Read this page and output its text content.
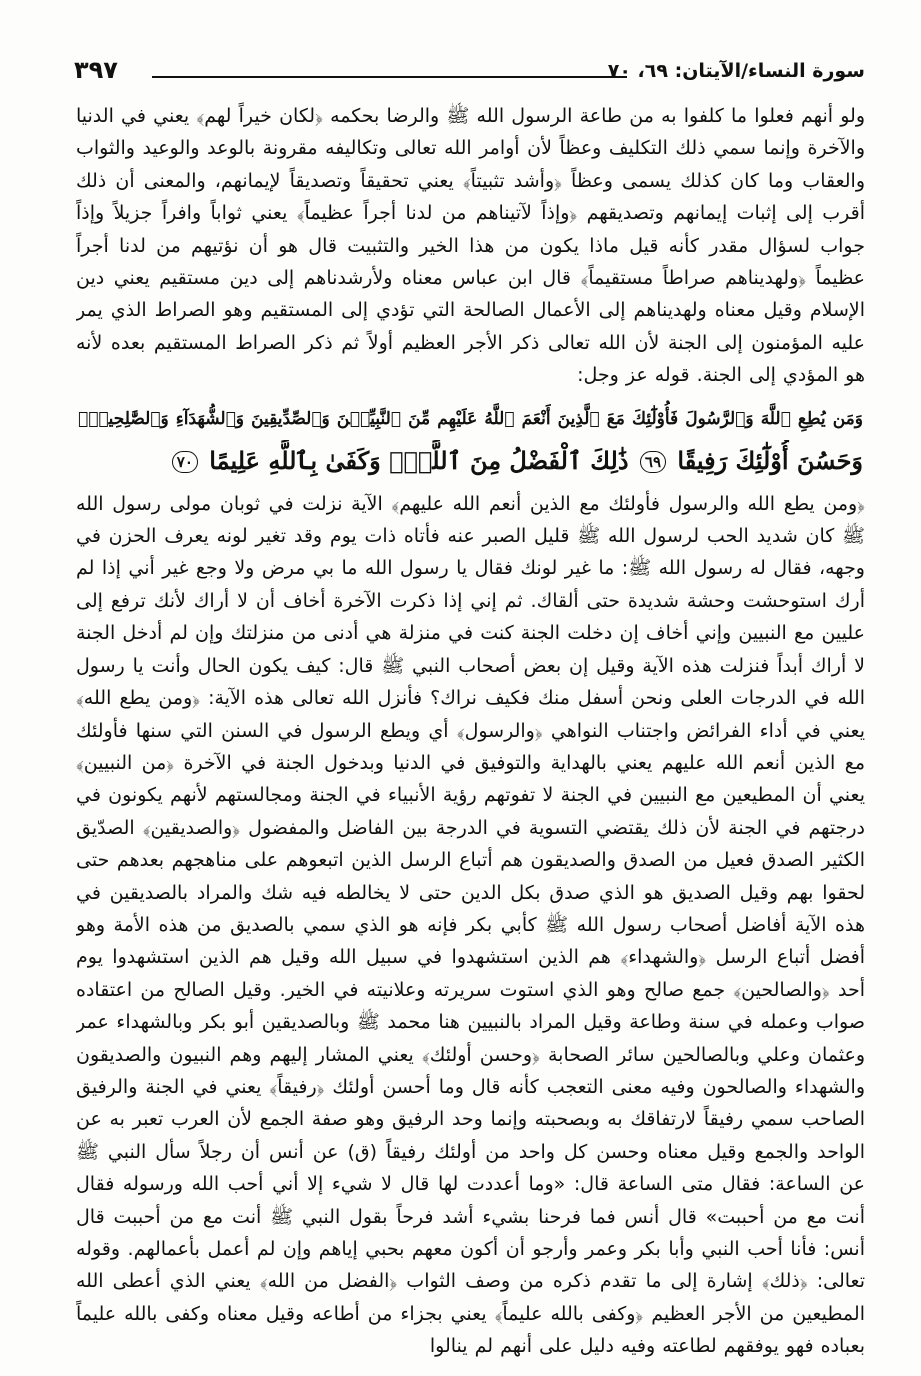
سورة النساء/الآيتان: ٦٩، ٧٠
٣٩٧

ولو أنهم فعلوا ما كلفوا به من طاعة الرسول الله ﷺ والرضا بحكمه ﴿لكان خيراً لهم﴾ يعني في الدنيا والآخرة وإنما سمي ذلك التكليف وعظاً لأن أوامر الله تعالى وتكاليفه مقرونة بالوعد والوعيد والثواب والعقاب وما كان كذلك يسمى وعظاً ﴿وأشد تثبيتاً﴾ يعني تحقيقاً وتصديقاً لإيمانهم، والمعنى أن ذلك أقرب إلى إثبات إيمانهم وتصديقهم ﴿وإذاً لآتيناهم من لدنا أجراً عظيماً﴾ يعني ثواباً وافراً جزيلاً وإذاً جواب لسؤال مقدر كأنه قيل ماذا يكون من هذا الخير والتثبيت قال هو أن نؤتيهم من لدنا أجراً عظيماً ﴿ولهديناهم صراطاً مستقيماً﴾ قال ابن عباس معناه ولأرشدناهم إلى دين مستقيم يعني دين الإسلام وقيل معناه ولهديناهم إلى الأعمال الصالحة التي تؤدي إلى المستقيم وهو الصراط الذي يمر عليه المؤمنون إلى الجنة لأن الله تعالى ذكر الأجر العظيم أولاً ثم ذكر الصراط المستقيم بعده لأنه هو المؤدي إلى الجنة. قوله عز وجل:

وَمَن يُطِعِ ٱللَّهَ وَٱلرَّسُولَ فَأُوْلَٰٓئِكَ مَعَ ٱلَّذِينَ أَنْعَمَ ٱللَّهُ عَلَيْهِم مِّنَ ٱلنَّبِيِّـۧنَ وَٱلصِّدِّيقِينَ وَٱلشُّهَدَآءِ وَٱلصَّٰلِحِينَۚ
وَحَسُنَ أُوْلَٰٓئِكَ رَفِيقًا ٦٩ ذَٰلِكَ ٱلْفَضْلُ مِنَ ٱللَّهِۚ وَكَفَىٰ بِٱللَّهِ عَلِيمًا ٧٠

﴿ومن يطع الله والرسول فأولئك مع الذين أنعم الله عليهم﴾ الآية نزلت في ثوبان مولى رسول الله ﷺ كان شديد الحب لرسول الله ﷺ قليل الصبر عنه فأتاه ذات يوم وقد تغير لونه يعرف الحزن في وجهه، فقال له رسول الله ﷺ: ما غير لونك فقال يا رسول الله ما بي مرض ولا وجع غير أني إذا لم أرك استوحشت وحشة شديدة حتى ألقاك. ثم إني إذا ذكرت الآخرة أخاف أن لا أراك لأنك ترفع إلى عليين مع النبيين وإني أخاف إن دخلت الجنة كنت في منزلة هي أدنى من منزلتك وإن لم أدخل الجنة لا أراك أبداً فنزلت هذه الآية وقيل إن بعض أصحاب النبي ﷺ قال: كيف يكون الحال وأنت يا رسول الله في الدرجات العلى ونحن أسفل منك فكيف نراك؟ فأنزل الله تعالى هذه الآية: ﴿ومن يطع الله﴾ يعني في أداء الفرائض واجتناب النواهي ﴿والرسول﴾ أي ويطع الرسول في السنن التي سنها فأولئك مع الذين أنعم الله عليهم يعني بالهداية والتوفيق في الدنيا وبدخول الجنة في الآخرة ﴿من النبيين﴾ يعني أن المطيعين مع النبيين في الجنة لا تفوتهم رؤية الأنبياء في الجنة ومجالستهم لأنهم يكونون في درجتهم في الجنة لأن ذلك يقتضي التسوية في الدرجة بين الفاضل والمفضول ﴿والصديقين﴾ الصدّيق الكثير الصدق فعيل من الصدق والصديقون هم أتباع الرسل الذين اتبعوهم على مناهجهم بعدهم حتى لحقوا بهم وقيل الصديق هو الذي صدق بكل الدين حتى لا يخالطه فيه شك والمراد بالصديقين في هذه الآية أفاضل أصحاب رسول الله ﷺ كأبي بكر فإنه هو الذي سمي بالصديق من هذه الأمة وهو أفضل أتباع الرسل ﴿والشهداء﴾ هم الذين استشهدوا في سبيل الله وقيل هم الذين استشهدوا يوم أحد ﴿والصالحين﴾ جمع صالح وهو الذي استوت سريرته وعلانيته في الخير. وقيل الصالح من اعتقاده صواب وعمله في سنة وطاعة وقيل المراد بالنبيين هنا محمد ﷺ وبالصديقين أبو بكر وبالشهداء عمر وعثمان وعلي وبالصالحين سائر الصحابة ﴿وحسن أولئك﴾ يعني المشار إليهم وهم النبيون والصديقون والشهداء والصالحون وفيه معنى التعجب كأنه قال وما أحسن أولئك ﴿رفيقاً﴾ يعني في الجنة والرفيق الصاحب سمي رفيقاً لارتفاقك به وبصحبته وإنما وحد الرفيق وهو صفة الجمع لأن العرب تعبر به عن الواحد والجمع وقيل معناه وحسن كل واحد من أولئك رفيقاً (ق) عن أنس أن رجلاً سأل النبي ﷺ عن الساعة: فقال متى الساعة قال: «وما أعددت لها قال لا شيء إلا أني أحب الله ورسوله فقال أنت مع من أحببت» قال أنس فما فرحنا بشيء أشد فرحاً بقول النبي ﷺ أنت مع من أحببت قال أنس: فأنا أحب النبي وأبا بكر وعمر وأرجو أن أكون معهم بحبي إياهم وإن لم أعمل بأعمالهم. وقوله تعالى: ﴿ذلك﴾ إشارة إلى ما تقدم ذكره من وصف الثواب ﴿الفضل من الله﴾ يعني الذي أعطى الله المطيعين من الأجر العظيم ﴿وكفى بالله عليماً﴾ يعني بجزاء من أطاعه وقيل معناه وكفى بالله عليماً بعباده فهو يوفقهم لطاعته وفيه دليل على أنهم لم ينالوا
